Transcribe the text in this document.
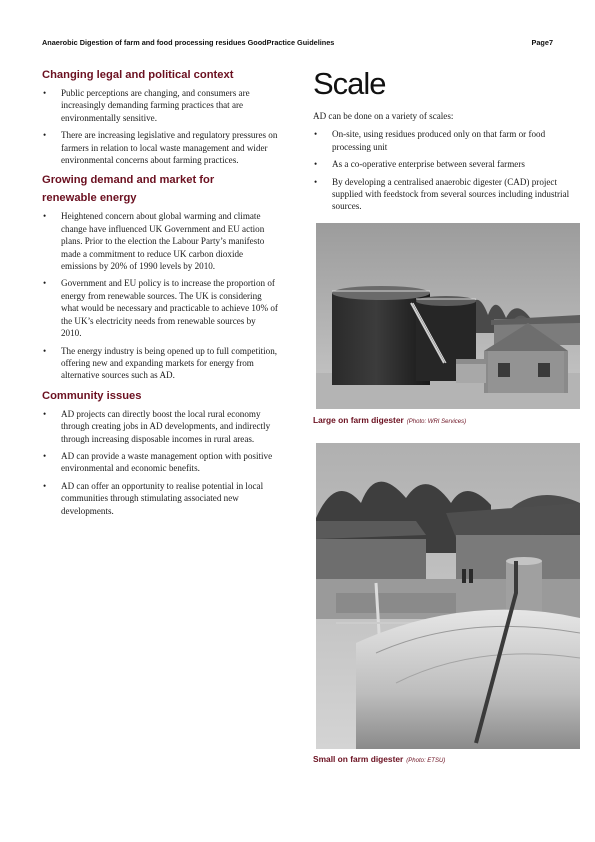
Anaerobic Digestion of farm and food processing residues GoodPractice Guidelines	Page7
Changing legal and political context
• Public perceptions are changing, and consumers are increasingly demanding farming practices that are environmentally sensitive.
• There are increasing legislative and regulatory pressures on farmers in relation to local waste management and wider environmental concerns about farming practices.
Growing demand and market for renewable energy
• Heightened concern about global warming and climate change have influenced UK Government and EU action plans. Prior to the election the Labour Party’s manifesto made a commitment to reduce UK carbon dioxide emissions by 20% of 1990 levels by 2010.
• Government and EU policy is to increase the proportion of energy from renewable sources. The UK is considering what would be necessary and practicable to achieve 10% of the UK’s electricity needs from renewable sources by 2010.
• The energy industry is being opened up to full competition, offering new and expanding markets for energy from alternative sources such as AD.
Community issues
• AD projects can directly boost the local rural economy through creating jobs in AD developments, and indirectly through increasing disposable incomes in rural areas.
• AD can provide a waste management option with positive environmental and economic benefits.
• AD can offer an opportunity to realise potential in local communities through stimulating associated new developments.
Scale

AD can be done on a variety of scales:

• On-site, using residues produced only on that farm or food processing unit
• As a co-operative enterprise between several farmers
• By developing a centralised anaerobic digester (CAD) project supplied with feedstock from several sources including industrial sources.
Large on farm digester (Photo: WRI Services)
Small on farm digester (Photo: ETSU)
